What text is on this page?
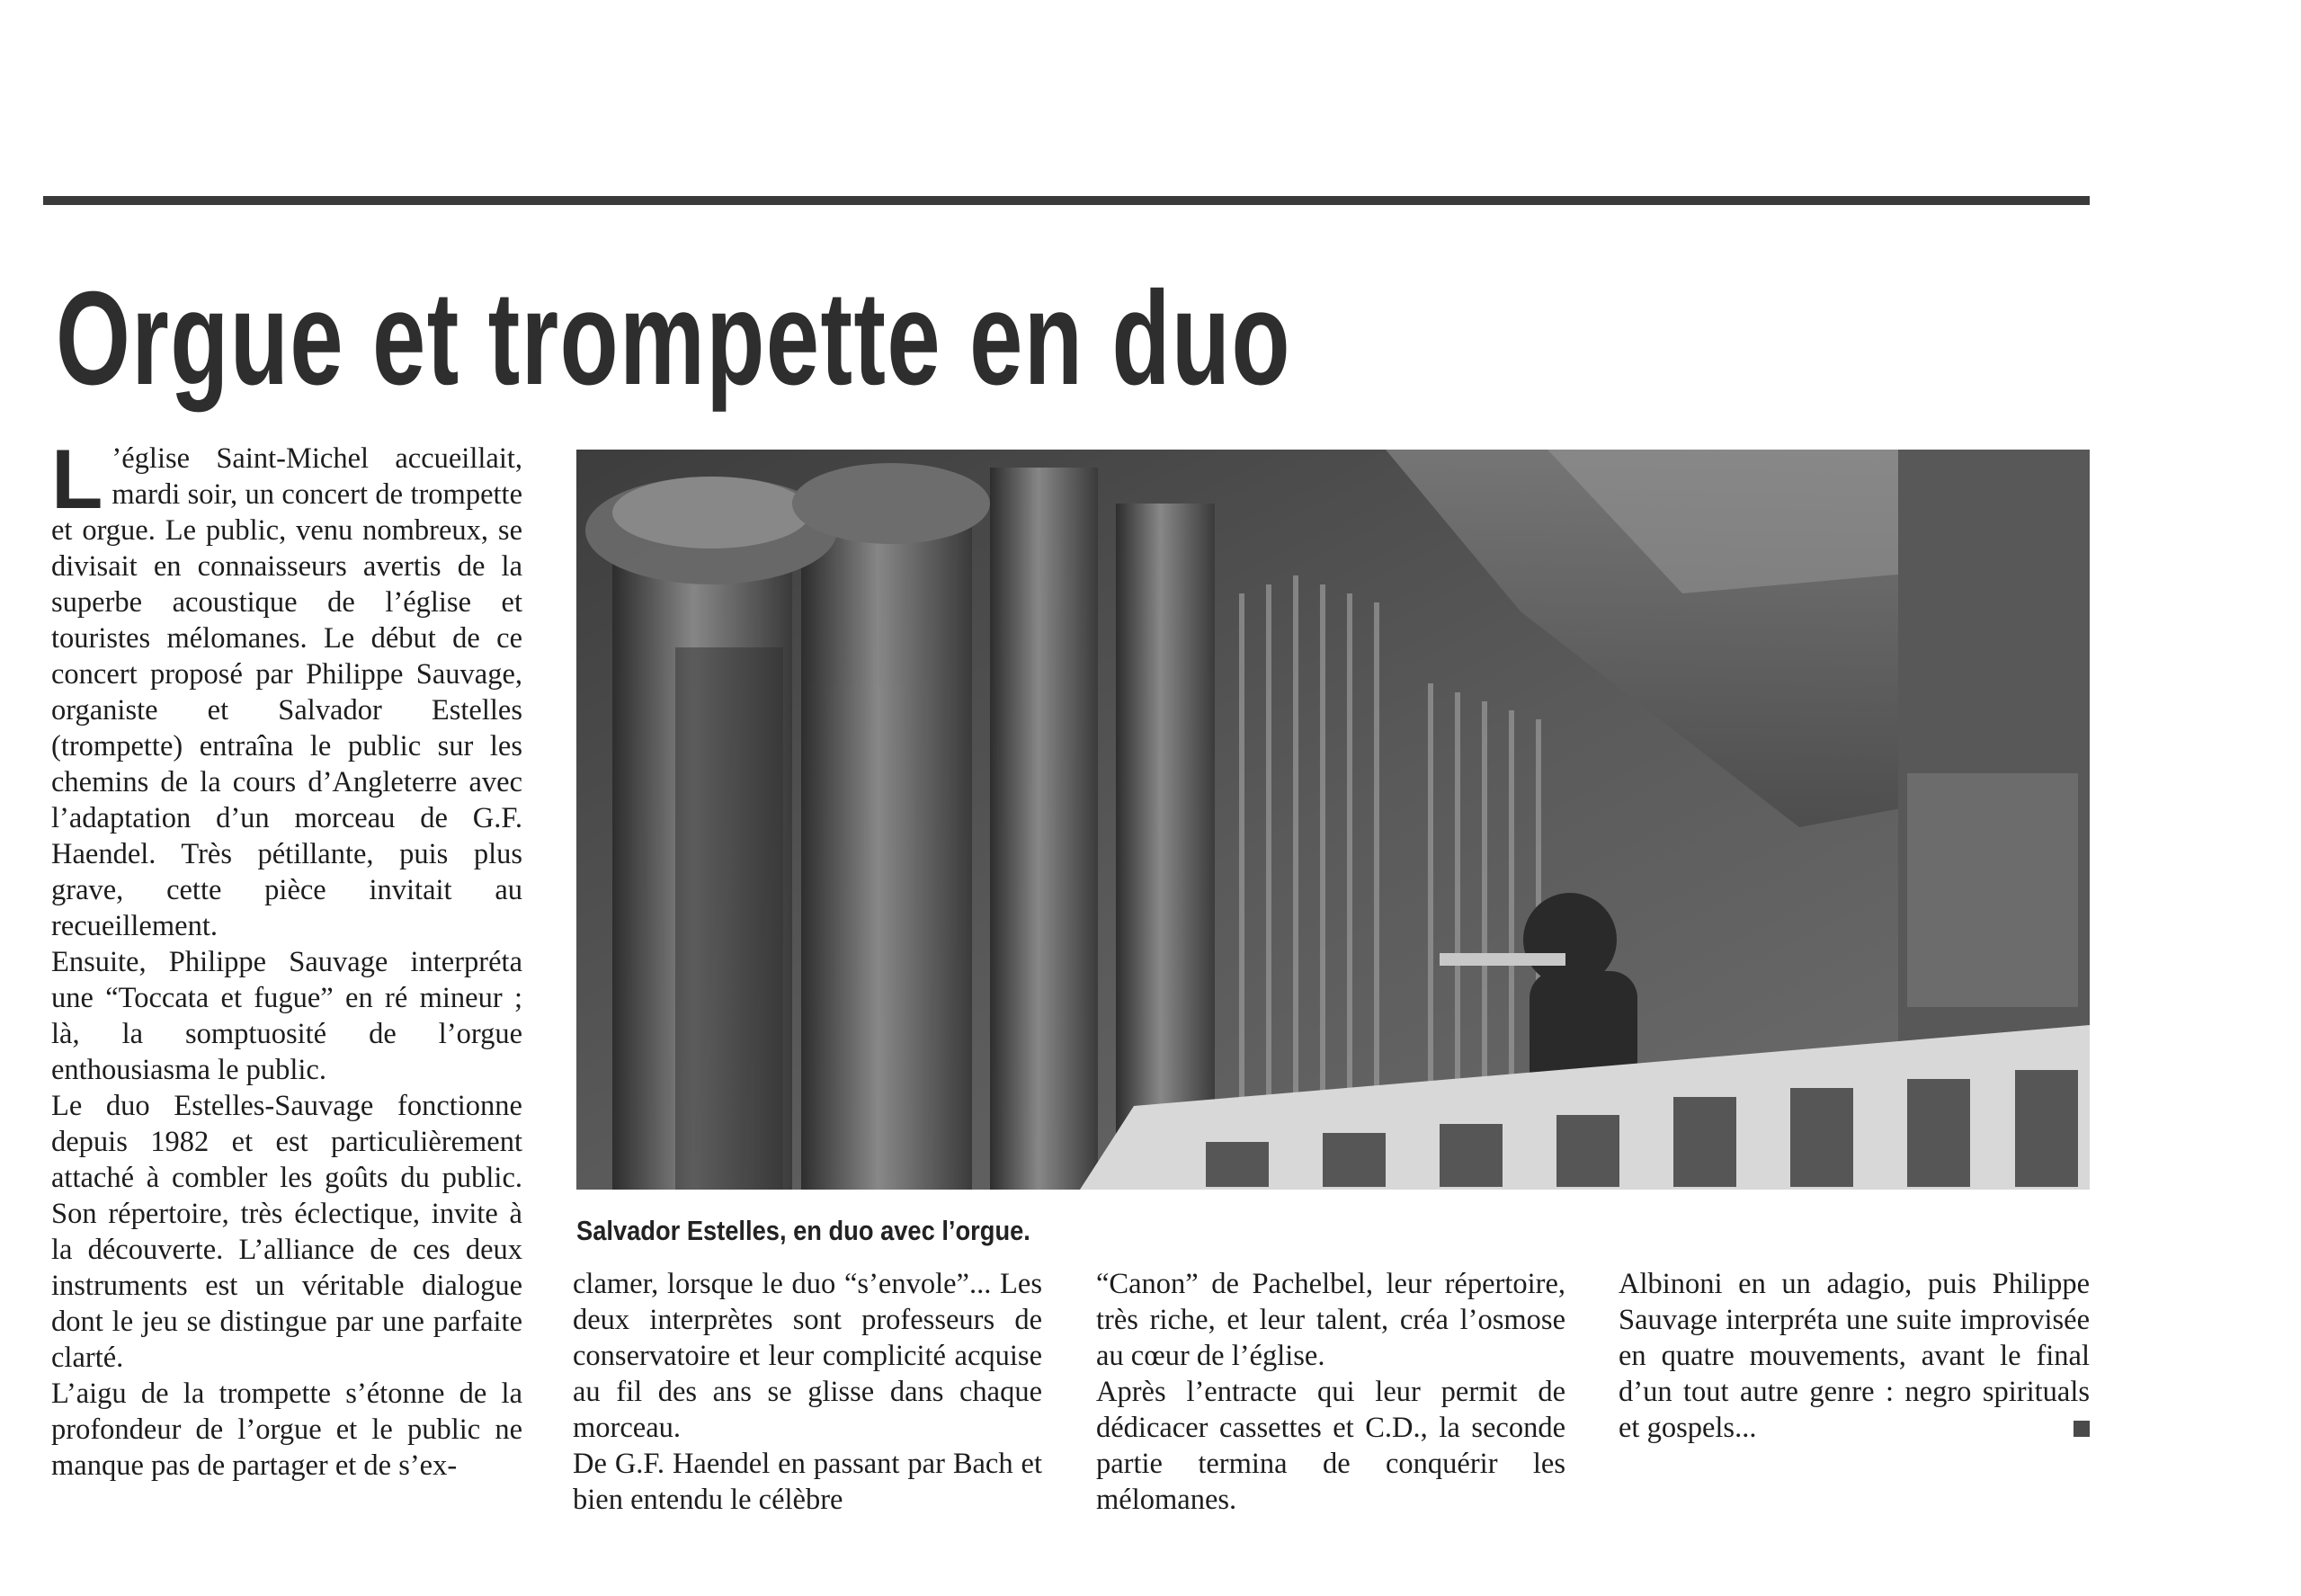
Orgue et trompette en duo

L ’église Saint-Michel accueillait, mardi soir, un concert de trompette et orgue. Le public, venu nombreux, se divisait en connaisseurs avertis de la superbe acoustique de l’église et touristes mélomanes. Le début de ce concert proposé par Philippe Sauvage, organiste et Salvador Estelles (trompette) entraîna le public sur les chemins de la cours d’Angleterre avec l’adaptation d’un morceau de G.F. Haendel. Très pétillante, puis plus grave, cette pièce invitait au recueillement.

Ensuite, Philippe Sauvage interpréta une “Toccata et fugue” en ré mineur ; là, la somptuosité de l’orgue enthousiasma le public.

Le duo Estelles-Sauvage fonctionne depuis 1982 et est particulièrement attaché à combler les goûts du public. Son répertoire, très éclectique, invite à la découverte. L’alliance de ces deux instruments est un véritable dialogue dont le jeu se distingue par une parfaite clarté.

L’aigu de la trompette s’étonne de la profondeur de l’orgue et le public ne manque pas de partager et de s’ex-

Salvador Estelles, en duo avec l’orgue.

clamer, lorsque le duo “s’envole”... Les deux interprètes sont professeurs de conservatoire et leur complicité acquise au fil des ans se glisse dans chaque morceau.

De G.F. Haendel en passant par Bach et bien entendu le célèbre

“Canon” de Pachelbel, leur répertoire, très riche, et leur talent, créa l’osmose au cœur de l’église.

Après l’entracte qui leur permit de dédicacer cassettes et C.D., la seconde partie termina de conquérir les mélomanes.

Albinoni en un adagio, puis Philippe Sauvage interpréta une suite improvisée en quatre mouvements, avant le final d’un tout autre genre : negro spirituals et gospels...
